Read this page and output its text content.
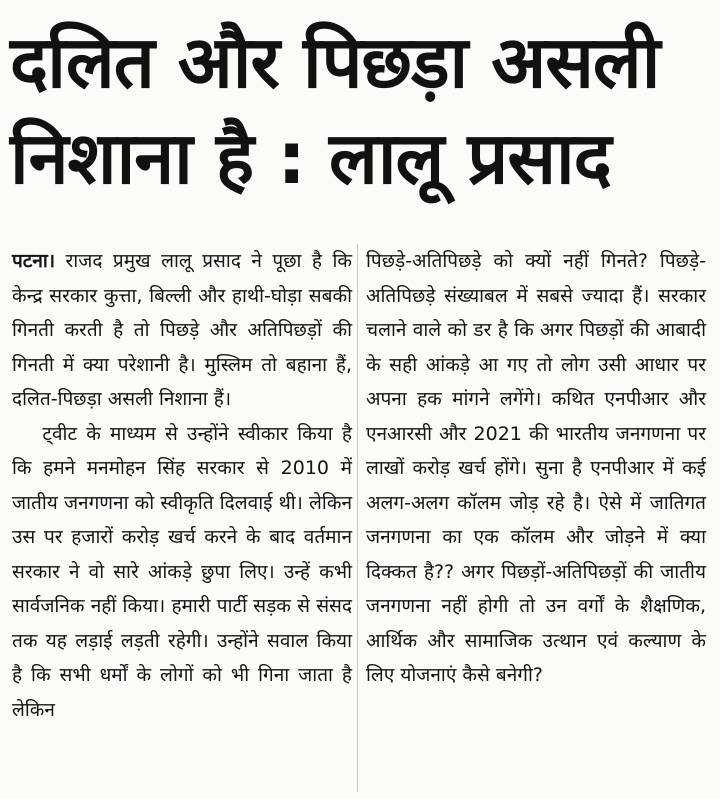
दलित और पिछड़ा असली
निशाना है : लालू प्रसाद

पटना। राजद प्रमुख लालू प्रसाद ने पूछा है कि केन्द्र सरकार कुत्ता, बिल्ली और हाथी-घोड़ा सबकी गिनती करती है तो पिछड़े और अतिपिछड़ों की गिनती में क्या परेशानी है। मुस्लिम तो बहाना हैं, दलित-पिछड़ा असली निशाना हैं।

ट्वीट के माध्यम से उन्होंने स्वीकार किया है कि हमने मनमोहन सिंह सरकार से 2010 में जातीय जनगणना को स्वीकृति दिलवाई थी। लेकिन उस पर हजारों करोड़ खर्च करने के बाद वर्तमान सरकार ने वो सारे आंकड़े छुपा लिए। उन्हें कभी सार्वजनिक नहीं किया। हमारी पार्टी सड़क से संसद तक यह लड़ाई लड़ती रहेगी। उन्होंने सवाल किया है कि सभी धर्मों के लोगों को भी गिना जाता है लेकिन

पिछड़े-अतिपिछड़े को क्यों नहीं गिनते? पिछड़े-अतिपिछड़े संख्याबल में सबसे ज्यादा हैं। सरकार चलाने वाले को डर है कि अगर पिछड़ों की आबादी के सही आंकड़े आ गए तो लोग उसी आधार पर अपना हक मांगने लगेंगे। कथित एनपीआर और एनआरसी और 2021 की भारतीय जनगणना पर लाखों करोड़ खर्च होंगे। सुना है एनपीआर में कई अलग-अलग कॉलम जोड़ रहे है। ऐसे में जातिगत जनगणना का एक कॉलम और जोड़ने में क्या दिक्कत है?? अगर पिछड़ों-अतिपिछड़ों की जातीय जनगणना नहीं होगी तो उन वर्गों के शैक्षणिक, आर्थिक और सामाजिक उत्थान एवं कल्याण के लिए योजनाएं कैसे बनेगी?
